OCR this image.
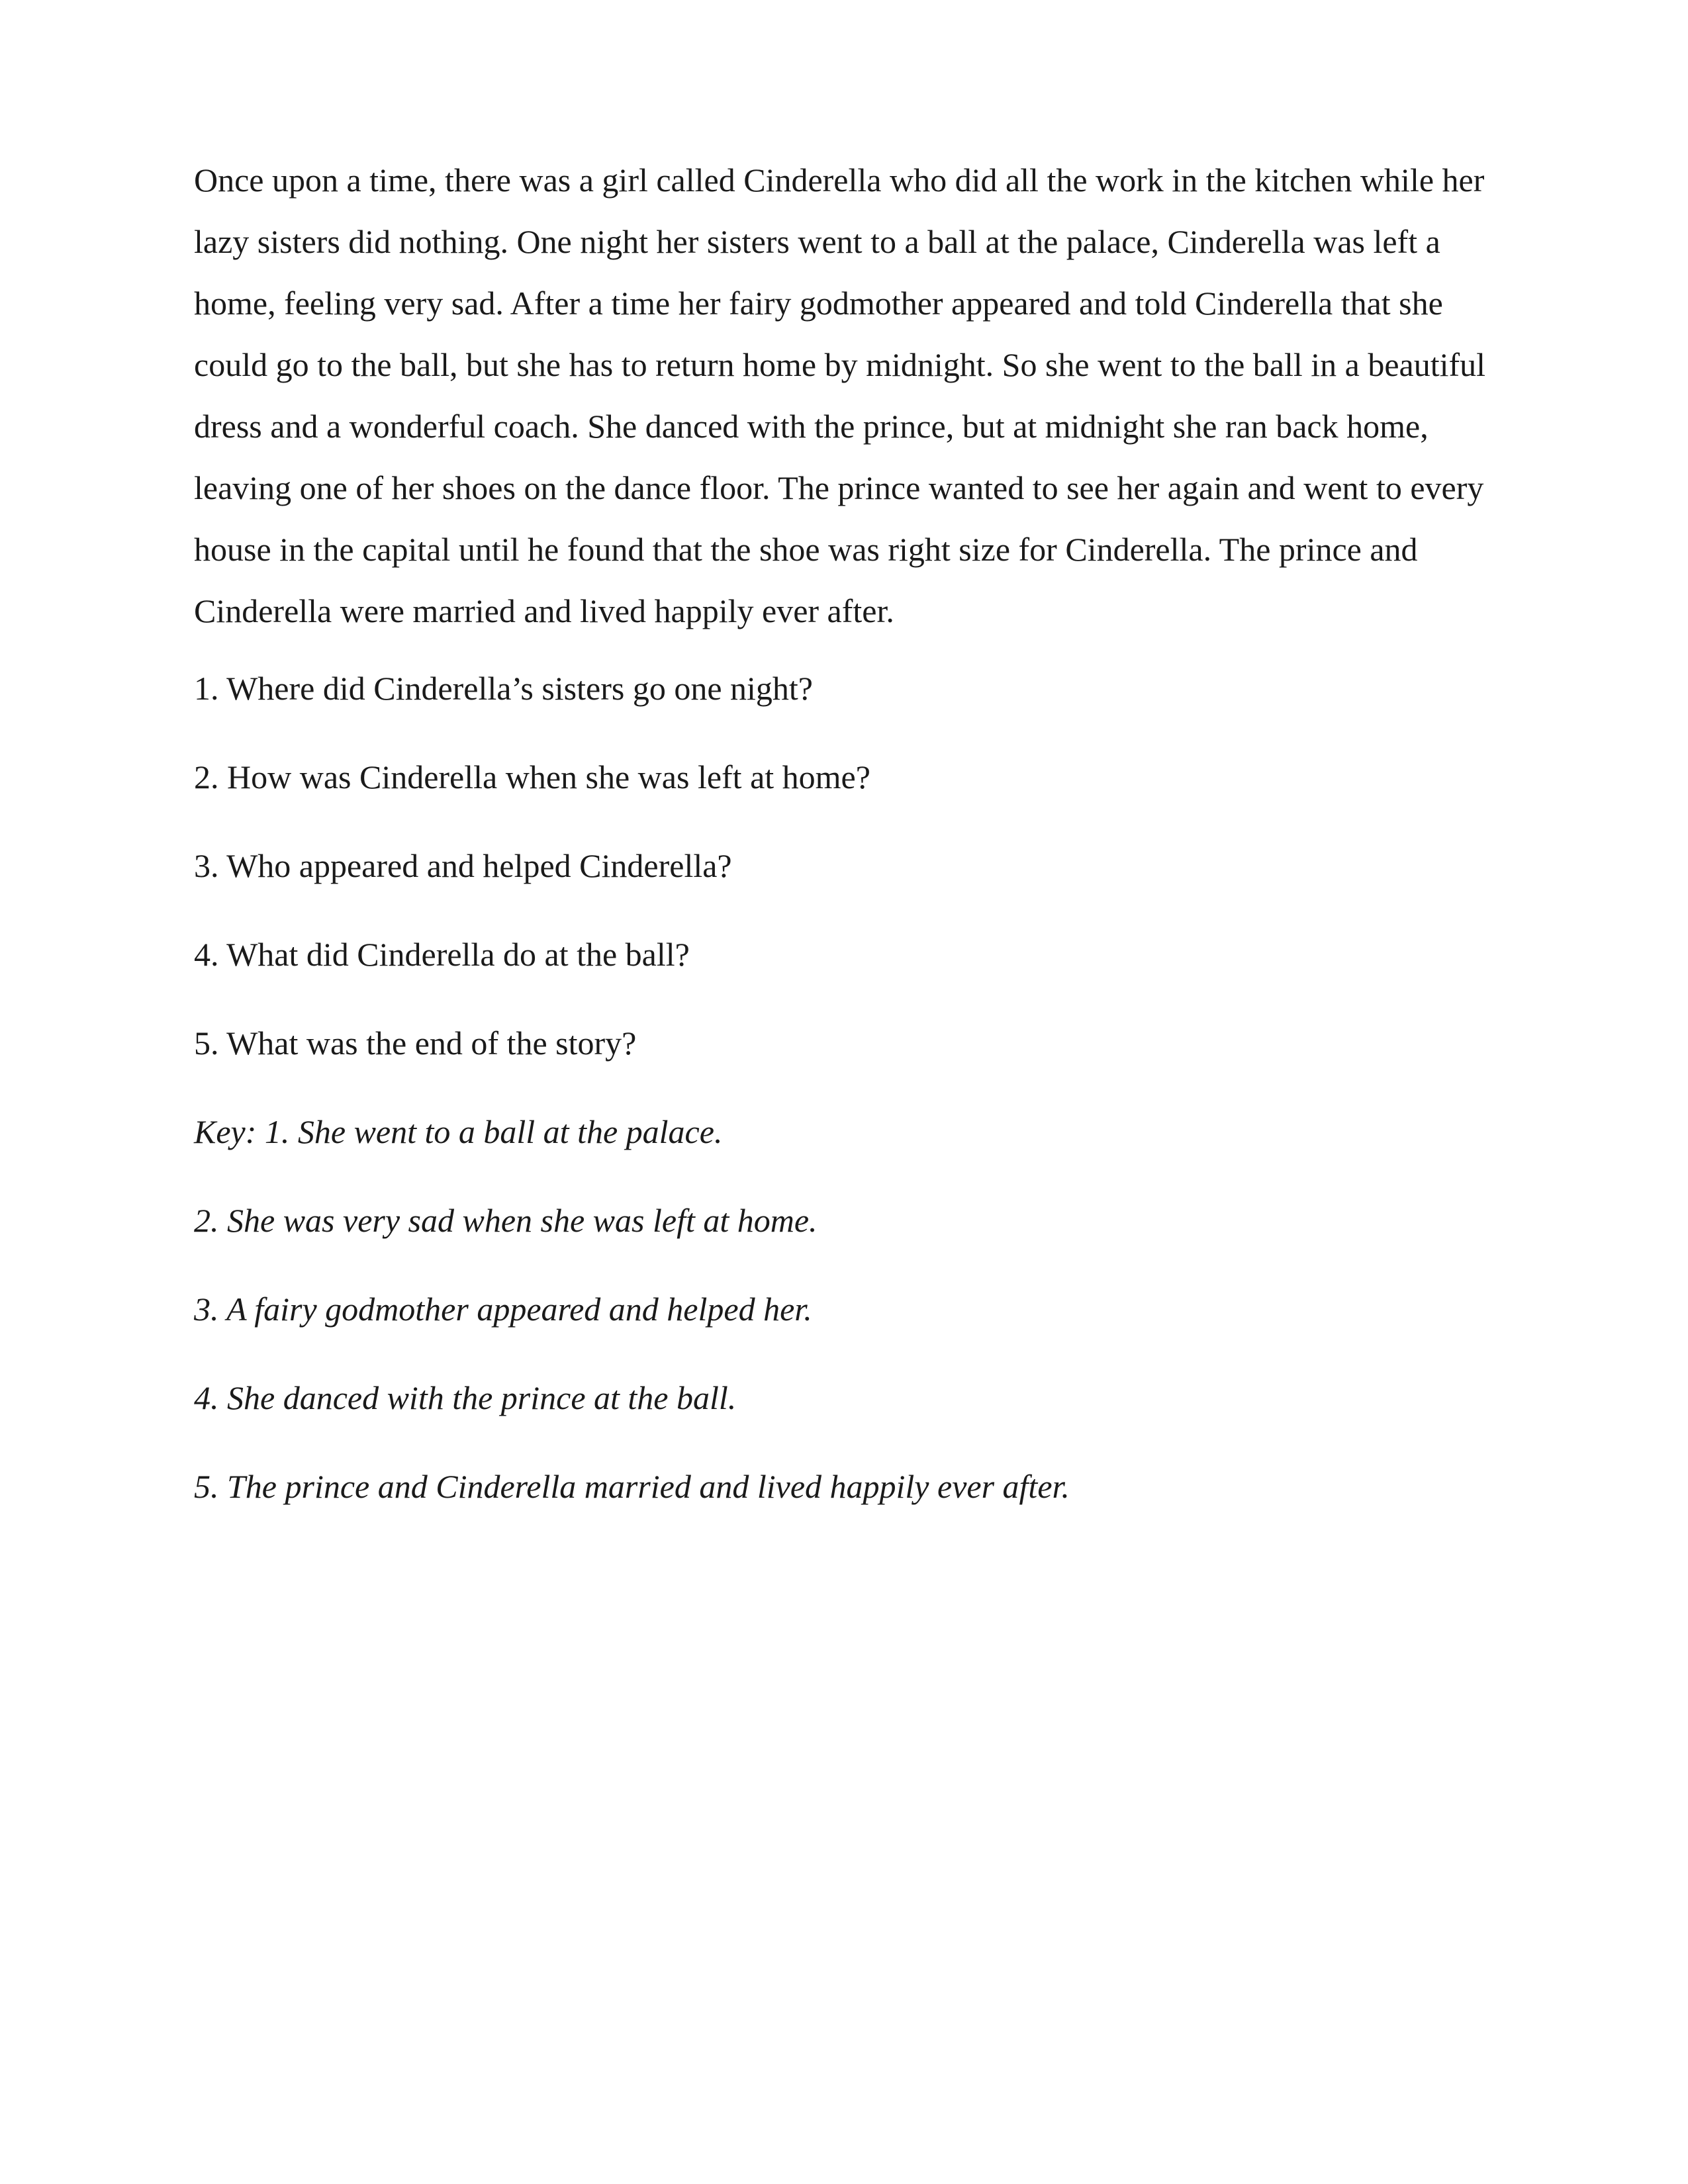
Once upon a time, there was a girl called Cinderella who did all the work in the kitchen while her lazy sisters did nothing. One night her sisters went to a ball at the palace, Cinderella was left a home, feeling very sad. After a time her fairy godmother appeared and told Cinderella that she could go to the ball, but she has to return home by midnight. So she went to the ball in a beautiful dress and a wonderful coach. She danced with the prince, but at midnight she ran back home, leaving one of her shoes on the dance floor. The prince wanted to see her again and went to every house in the capital until he found that the shoe was right size for Cinderella. The prince and Cinderella were married and lived happily ever after.

1. Where did Cinderella’s sisters go one night?

2. How was Cinderella when she was left at home?

3. Who appeared and helped Cinderella?

4. What did Cinderella do at the ball?

5. What was the end of the story?

Key: 1. She went to a ball at the palace.

2. She was very sad when she was left at home.

3. A fairy godmother appeared and helped her.

4. She danced with the prince at the ball.

5. The prince and Cinderella married and lived happily ever after.
